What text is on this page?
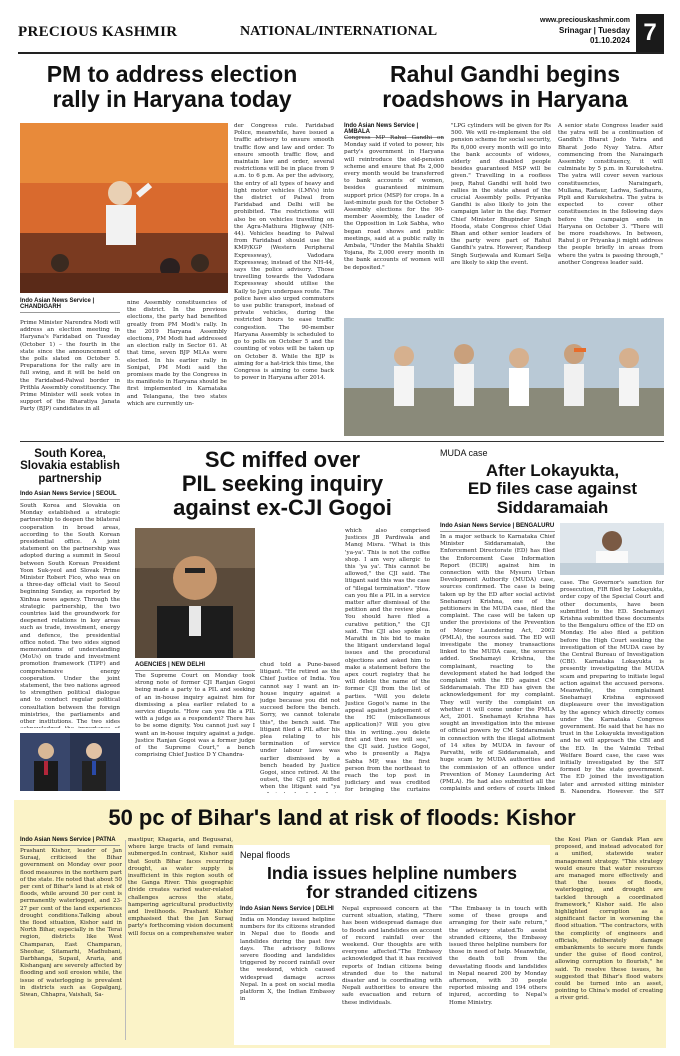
PRECIOUS KASHMIR	NATIONAL/INTERNATIONAL
www.preciouskashmir.com
Srinagar | Tuesday
01.10.2024 7
PM to address election
rally in Haryana today
Indo Asian News Service | CHANDIGARH
Prime Minister Narendra Modi will address an election meeting in Haryana's Faridabad on Tuesday (October 1) – the fourth in the state since the announcement of the polls slated on October 5. Preparations for the rally are in full swing, and it will be held on the Faridabad-Palwal border in Prithla Assembly constituency. The Prime Minister will seek votes in support of the Bharatiya Janata Party (BJP) candidates in all
nine Assembly constituencies of the district. In the previous elections, the party had benefited greatly from PM Modi's rally. In the 2019 Haryana Assembly elections, PM Modi had addressed an election rally in Sector 61. At that time, seven BJP MLAs were elected. In his earlier rally in Sonipat, PM Modi said the promises made by the Congress in its manifesto in Haryana should be first implemented in Karnataka and Telangana, the two states which are currently un-
der Congress rule. Faridabad Police, meanwhile, have issued a traffic advisory to ensure smooth traffic flow and law and order. To ensure smooth traffic flow, and maintain law and order, several restrictions will be in place from 9 a.m. to 6 p.m. As per the advisory, the entry of all types of heavy and light motor vehicles (LMVs) into the district of Palwal from Faridabad and Delhi will be prohibited. The restrictions will also be on vehicles travelling on the Agra-Mathura Highway (NH-44). Vehicles heading to Palwal from Faridabad should use the KMP/KGP (Western Peripheral Expressway), Vadodara Expressway, instead of the NH-44, says the police advisory. Those travelling towards the Vadodara Expressway should utilise the Kaily to Jajru underpass route. The police have also urged commuters to use public transport, instead of private vehicles, during the restricted hours to ease traffic congestion. The 90-member Haryana Assembly is scheduled to go to polls on October 5 and the counting of votes will be taken up on October 8. While the BJP is aiming for a hat-trick this time, the Congress is aiming to come back to power in Haryana after 2014.
Rahul Gandhi begins
roadshows in Haryana
Indo Asian News Service | AMBALA
Congress MP Rahul Gandhi on Monday said if voted to power, his party's government in Haryana will reintroduce the old-pension scheme and ensure that Rs 2,000 every month would be transferred to bank accounts of women, besides guaranteed minimum support price (MSP) for crops. In a last-minute push for the October 5 Assembly elections for the 90-member Assembly, the Leader of the Opposition in Lok Sabha, who began road shows and public meetings, said at a public rally in Ambala, "Under the Mahila Shakti Yojana, Rs 2,000 every month in the bank accounts of women will be deposited."
"LPG cylinders will be given for Rs 500. We will re-implement the old pension scheme for social security, Rs 6,000 every month will go into the bank accounts of widows, elderly and disabled people besides guaranteed MSP will be given." Travelling in a roofless jeep, Rahul Gandhi will hold two rallies in the state ahead of the crucial Assembly polls. Priyanka Gandhi is also likely to join the campaign later in the day. Former Chief Minister Bhupinder Singh Hooda, state Congress chief Udai Bhan and other senior leaders of the party were part of Rahul Gandhi's yatra. However, Randeep Singh Surjewala and Kumari Selja are likely to skip the event.
A senior state Congress leader said the yatra will be a continuation of Gandhi's Bharat Jodo Yatra and Bharat Jodo Nyay Yatra. After commencing from the Naraingarh Assembly constituency, it will culminate by 5 p.m. in Kurukshetra. The yatra will cover seven various constituencies, Naraingarh, Mullana, Radaur, Ladwa, Sadhaura, Pipli and Kurukshetra. The yatra is expected to cover other constituencies in the following days before the campaign ends in Haryana on October 3. "There will be more roadshows. In between, Rahul ji or Priyanka ji might address the people briefly in areas from where the yatra is passing through," another Congress leader said.
South Korea,
Slovakia establish
partnership
Indo Asian News Service | SEOUL
South Korea and Slovakia on Monday established a strategic partnership to deepen the bilateral cooperation in broad areas, according to the South Korean presidential office. A joint statement on the partnership was adopted during a summit in Seoul between South Korean President Yoon Suk-yeol and Slovak Prime Minister Robert Fico, who was on a three-day official visit to Seoul beginning Sunday, as reported by Xinhua news agency. Through the strategic partnership, the two countries laid the groundwork for deepened relations in key areas such as trade, investment, energy and defence, the presidential office noted. The two sides signed memorandums of understanding (MoUs) on trade and investment promotion framework (TIPF) and comprehensive energy cooperation. Under the joint statement, the two nations agreed to strengthen political dialogue and to conduct regular political consultation between the foreign ministries, the parliaments and other institutions. The two sides
SC miffed over
PIL seeking inquiry
against ex-CJI Gogoi
AGENCIES | NEW DELHI
The Supreme Court on Monday took strong note of former CJI Ranjan Gogoi being made a party to a PIL and seeking of an in-house inquiry against him for dismissing a plea earlier related to a service dispute. "How can you file a PIL with a judge as a respondent? There has to be some dignity. You cannot just say I want an in-house inquiry against a judge. Justice Ranjan Gogoi was a former judge of the Supreme Court," a bench comprising Chief Justice D Y Chandra-
chud told a Pune-based litigant. "He retired as the Chief Justice of India. You cannot say I want an in-house inquiry against a judge because you did not succeed before the bench. Sorry, we cannot tolerate this", the bench said. The litigant filed a PIL after his plea relating to his termination of service under labour laws was earlier dismissed by a bench headed by Justice Gogoi, since retired. At the outset, the CJI got miffed when the litigant said "ya
which also comprised Justices JB Pardiwala and Manoj Misra. "What is this 'ya-ya'. This is not the coffee shop. I am very allergic to this 'ya ya'. This cannot be allowed," the CJI said. The litigant said this was the case of "illegal termination". "How can you file a PIL in a service matter after dismissal of the petition and the review plea. You should have filed a curative petition," the CJI said. The CJI also spoke in Marathi in his bid to make the litigant understand legal issues and the procedural objections and asked him to make a statement before the apex court registry that he will delete the name of the former CJI from the list of parties. "Will you delete Justice Gogoi's name in the appeal against judgement of the HC (miscellaneous application)? Will you give this in writing...you delete first and then we will see," the CJI said. Justice Gogoi, who is presently a Rajya Sabha MP, was the first person from the northeast to reach the top post in judiciary and was credited for bringing the curtains
MUDA case
After Lokayukta,
ED files case against
Siddaramaiah
Indo Asian News Service | BENGALURU
In a major setback to Karnataka Chief Minister Siddaramaiah, the Enforcement Directorate (ED) has filed the Enforcement Case Information Report (ECIR) against him in connection with the Mysuru Urban Development Authority (MUDA) case, sources confirmed. The case is being taken up by the ED after social activist Snehamayi Krishna, one of the petitioners in the MUDA case, filed the complaint. The case will be taken up under the provisions of the Prevention of Money Laundering Act, 2002 (PMLA), the sources said. The ED will investigate the money transactions linked to the MUDA case, the sources added. Snehamayi Krishna, the complainant, reacting to the development stated he had lodged the complaint with the ED against CM Siddaramaiah. The ED has given the acknowledgement for my complaint. They will verify the complaint on whether it will come under the PMLA Act, 2001. Snehamayi Krishna has sought an investigation into the misuse of official powers by CM Siddaramaiah in connection with the illegal allotment of 14 sites by MUDA in favour of Parvathi, wife of Siddaramaiah, and huge scam by MUDA authorities and the commission of an offence under Prevention of Money Laundering Act (PMLA). He had also submitted all the complaints and orders of courts linked
case. The Governor's sanction for prosecution, FIR filed by Lokayukta, order copy of the Special Court and other documents, have been submitted to the ED. Snehamayi Krishna submitted these documents to the Bengaluru office of the ED on Monday. He also filed a petition before the High Court seeking the investigation of the MUDA case by the Central Bureau of Investigation (CBI). Karnataka Lokayukta is presently investigating the MUDA scam and preparing to initiate legal action against the accused persons. Meanwhile, the complainant Snehamayi Krishna expressed displeasure over the investigation by the agency which directly comes under the Karnataka Congress government. He said that he has no trust in the Lokayukta investigation and he will approach the CBI and the ED. In the Valmiki Tribal Welfare Board case, the case was initially investigated by the SIT formed by the state government. The ED joined the investigation later and arrested sitting minister B. Nagendra. However, the SIT
50 pc of Bihar's land at risk of floods: Kishor
Indo Asian News Service | PATNA
Prashant Kishor, leader of Jan Suraaj, criticised the Bihar government on Monday over poor flood measures in the northern part of the state. He noted that about 50 per cent of Bihar's land is at risk of floods, while around 30 per cent is permanently waterlogged, and 23-27 per cent of the land experiences drought conditions.Talking about the flood situation, Kishor said in North Bihar, especially in the Terai region, districts like West Champaran, East Champaran, Sheohar, Sitamarhi, Madhubani, Darbhanga, Supaul, Araria, and Kishanganj are severely affected by flooding and soil erosion while, the issue of waterlogging is prevalent in districts such as Gopalganj, Siwan, Chhapra, Vaishali, Sa-
mastipur, Khagaria, and Begusarai, where large tracts of land remain submerged.In contrast, Kishor said that South Bihar faces recurring drought, as water supply is insufficient in this region south of the Ganga River. This geographic divide creates varied water-related challenges across the state, hampering agricultural productivity and livelihoods. Prashant Kishor emphasised that the Jan Suraaj party's forthcoming vision document will focus on a comprehensive water
the Kosi Plan or Gandak Plan are proposed, and instead advocated for a unified, statewide water management strategy. "This strategy would ensure that water resources are managed more effectively and that the issues of floods, waterlogging, and drought are tackled through a coordinated framework," Kishor said. He also highlighted corruption as a significant factor in worsening the flood situation. "The contractors, with the complicity of engineers and officials, deliberately damage embankments to secure more funds under the guise of flood control, allowing corruption to flourish," he said. To resolve these issues, he suggested that Bihar's flood waters could be turned into an asset, pointing to China's model of creating a river grid.
Nepal floods
India issues helpline numbers
for stranded citizens
Indo Asian News Service | DELHI
India on Monday issued helpline numbers for its citizens stranded in Nepal due to floods and landslides during the past few days. The advisory follows severe flooding and landslides triggered by record rainfall over the weekend, which caused widespread damage across Nepal. In a post on social media platform X, the Indian Embassy in
Nepal expressed concern at the current situation, stating, "There has been widespread damage due to floods and landslides on account of record rainfall over the weekend. Our thoughts are with everyone affected."The Embassy acknowledged that it has received reports of Indian citizens being stranded due to the natural disaster and is coordinating with Nepali authorities to ensure the safe evacuation and return of these individuals.
"The Embassy is in touch with some of these groups and arranging for their safe return," the advisory stated.To assist stranded citizens, the Embassy issued three helpline numbers for those in need of help. Meanwhile, the death toll from the devastating floods and landslides in Nepal neared 200 by Monday afternoon, with 30 people reported missing and 194 others injured, according to Nepal's Home Ministry.
